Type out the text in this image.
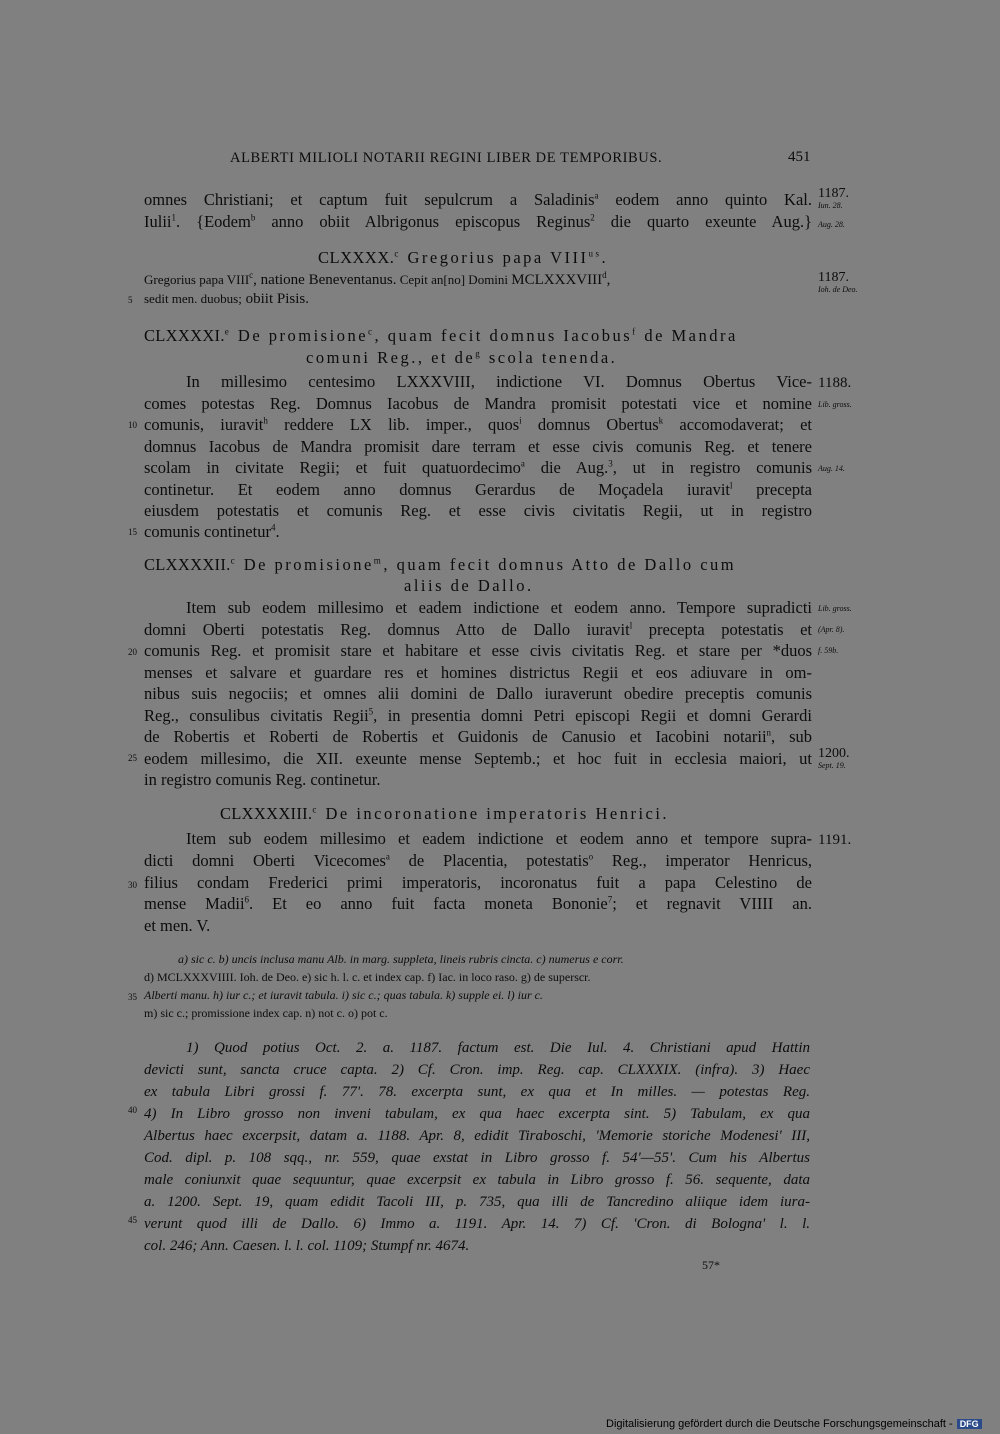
ALBERTI MILIOLI NOTARII REGINI LIBER DE TEMPORIBUS.	451
5
10
15
20
25
30
35
40
45
1187.
Iun. 28.
Aug. 28.
1187.
Ioh. de Deo.
1188.
Lib. gross.
Aug. 14.
Lib. gross.
(Apr. 8).
f. 59b.
1200.
Sept. 19.
1191.
omnes Christiani; et captum fuit sepulcrum a Saladinis$^a$ eodem anno quinto Kal.
Iulii$^1$. {Eodem$^b$ anno obiit Albrigonus episcopus Reginus$^2$ die quarto exeunte Aug.}
CLXXXX.$^c$ Gregorius papa $VIII^{us}$.
Gregorius papa VIII$^c$, natione Beneventanus. Cepit an[no] Domini MCLXXXVIII$^d$,
sedit men. duobus; obiit Pisis.
CLXXXXI.$^e$ De promisione$^c$, quam fecit domnus Iacobus$^f$ de Mandra
comuni Reg., et $de^g$ scola tenenda.
In millesimo centesimo LXXXVIII, indictione VI. Domnus Obertus Vice-
comes potestas Reg. Domnus Iacobus de Mandra promisit potestati vice et nomine
comunis, iuravit$^h$ reddere LX lib. imper., quos$^i$ domnus Obertus$^k$ accomodaverat; et
domnus Iacobus de Mandra promisit dare terram et esse civis comunis Reg. et tenere
scolam in civitate Regii; et fuit quatuordecimo$^a$ die Aug.$^3$, ut in registro comunis
continetur. Et eodem anno domnus Gerardus de Moçadela iuravit$^l$ precepta
eiusdem potestatis et comunis Reg. et esse civis civitatis Regii, ut in registro
comunis continetur$^4$.
CLXXXXII.$^c$ De promisione$^m$, quam fecit domnus Atto de Dallo cum
aliis de Dallo.
Item sub eodem millesimo et eadem indictione et eodem anno. Tempore supradicti
domni Oberti potestatis Reg. domnus Atto de Dallo iuravit$^l$ precepta potestatis et
comunis Reg. et promisit stare et habitare et esse civis civitatis Reg. et stare per *duos
menses et salvare et guardare res et homines districtus Regii et eos adiuvare in om-
nibus suis negociis; et omnes alii domini de Dallo iuraverunt obedire preceptis comunis
Reg., consulibus civitatis Regii$^5$, in presentia domni Petri episcopi Regii et domni Gerardi
de Robertis et Roberti de Robertis et Guidonis de Canusio et Iacobini notarii$^n$, sub
eodem millesimo, die XII. exeunte mense Septemb.; et hoc fuit in ecclesia maiori, ut
in registro comunis Reg. continetur.
CLXXXXIII.$^c$ De incoronatione imperatoris Henrici.
Item sub eodem millesimo et eadem indictione et eodem anno et tempore supra-
dicti domni Oberti Vicecomes$^a$ de Placentia, potestatis$^o$ Reg., imperator Henricus,
filius condam Frederici primi imperatoris, incoronatus fuit a papa Celestino de
mense Madii$^6$. Et eo anno fuit facta moneta Bononie$^7$; et regnavit VIIII an.
et men. V.
a) sic c. b) uncis inclusa manu Alb. in marg. suppleta, lineis rubris cincta. c) numerus e corr.
d) MCLXXXVIIII. Ioh. de Deo. e) sic h. l. c. et index cap. f) Iac. in loco raso. g) de superscr.
Alberti manu. h) iur c.; et iuravit tabula. i) sic c.; quas tabula. k) supple ei. l) iur c.
m) sic c.; promissione index cap. n) not c. o) pot c.
1) Quod potius Oct. 2. a. 1187. factum est. Die Iul. 4. Christiani apud Hattin
devicti sunt, sancta cruce capta. 2) Cf. Cron. imp. Reg. cap. CLXXXIX. (infra). 3) Haec
ex tabula Libri grossi f. 77'. 78. excerpta sunt, ex qua et In milles. — potestas Reg.
4) In Libro grosso non inveni tabulam, ex qua haec excerpta sint. 5) Tabulam, ex qua
Albertus haec excerpsit, datam a. 1188. Apr. 8, edidit Tiraboschi, 'Memorie storiche Modenesi' III,
Cod. dipl. p. 108 sqq., nr. 559, quae exstat in Libro grosso f. 54'—55'. Cum his Albertus
male coniunxit quae sequuntur, quae excerpsit ex tabula in Libro grosso f. 56. sequente, data
a. 1200. Sept. 19, quam edidit Tacoli III, p. 735, qua illi de Tancredino aliique idem iura-
verunt quod illi de Dallo. 6) Immo a. 1191. Apr. 14. 7) Cf. 'Cron. di Bologna' l. l.
col. 246; Ann. Caesen. l. l. col. 1109; Stumpf nr. 4674.
57*
Digitalisierung gefördert durch die Deutsche Forschungsgemeinschaft - DFG
